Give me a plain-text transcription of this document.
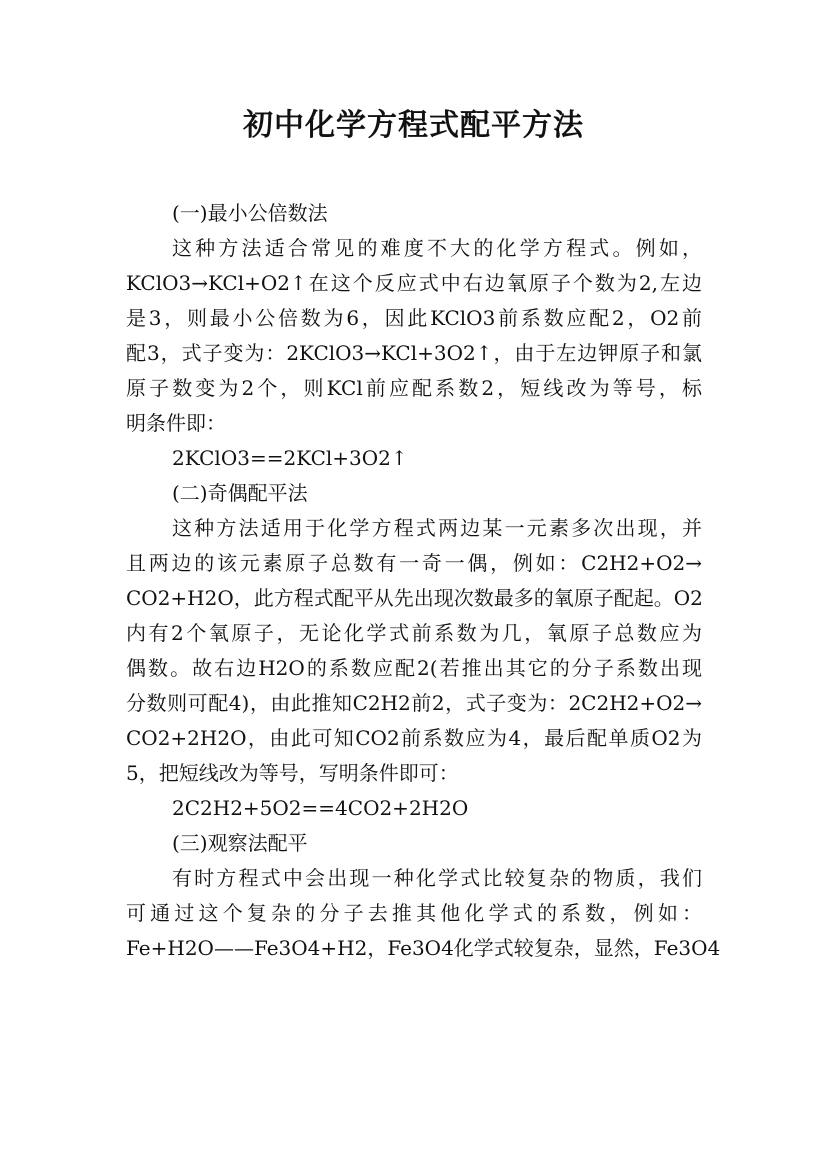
初中化学方程式配平方法
(一)最小公倍数法
这种方法适合常见的难度不大的化学方程式。例如，
KClO3→KCl+O2↑在这个反应式中右边氧原子个数为2,左边
是3，则最小公倍数为6，因此KClO3前系数应配2，O2前
配3，式子变为：2KClO3→KCl+3O2↑，由于左边钾原子和氯
原子数变为2个，则KCl前应配系数2，短线改为等号，标
明条件即：
2KClO3==2KCl+3O2↑
(二)奇偶配平法
这种方法适用于化学方程式两边某一元素多次出现，并
且两边的该元素原子总数有一奇一偶，例如：C2H2+O2→
CO2+H2O，此方程式配平从先出现次数最多的氧原子配起。O2
内有2个氧原子，无论化学式前系数为几，氧原子总数应为
偶数。故右边H2O的系数应配2(若推出其它的分子系数出现
分数则可配4)，由此推知C2H2前2，式子变为：2C2H2+O2→
CO2+2H2O，由此可知CO2前系数应为4，最后配单质O2为
5，把短线改为等号，写明条件即可：
2C2H2+5O2==4CO2+2H2O
(三)观察法配平
有时方程式中会出现一种化学式比较复杂的物质，我们
可通过这个复杂的分子去推其他化学式的系数，例如：
Fe+H2O——Fe3O4+H2，Fe3O4化学式较复杂，显然，Fe3O4
